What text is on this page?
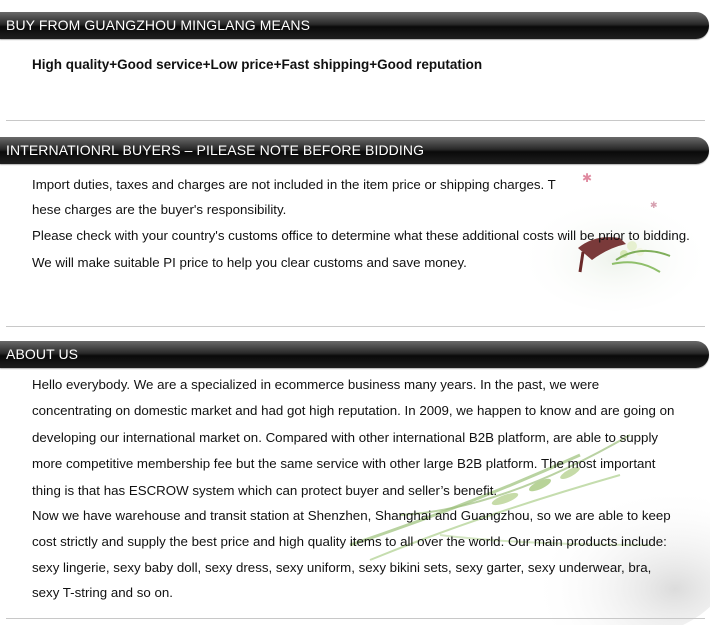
BUY FROM GUANGZHOU MINGLANG MEANS
High quality+Good service+Low price+Fast shipping+Good reputation
INTERNATIONRL BUYERS – PILEASE NOTE BEFORE BIDDING
✱
✱
Import duties, taxes and charges are not included in the item price or shipping charges. T
hese charges are the buyer's responsibility.
Please check with your country's customs office to determine what these additional costs will be prior to bidding.
We will make suitable PI price to help you clear customs and save money.
ABOUT US
Hello everybody. We are a specialized in ecommerce business many years. In the past, we were
concentrating on domestic market and had got high reputation. In 2009, we happen to know and are going on
developing our international market on. Compared with other international B2B platform, are able to supply
more competitive membership fee but the same service with other large B2B platform. The most important
thing is that has ESCROW system which can protect buyer and seller’s benefit.
Now we have warehouse and transit station at Shenzhen, Shanghai and Guangzhou, so we are able to keep
cost strictly and supply the best price and high quality items to all over the world. Our main products include:
sexy lingerie, sexy baby doll, sexy dress, sexy uniform, sexy bikini sets, sexy garter, sexy underwear, bra,
sexy T-string and so on.
